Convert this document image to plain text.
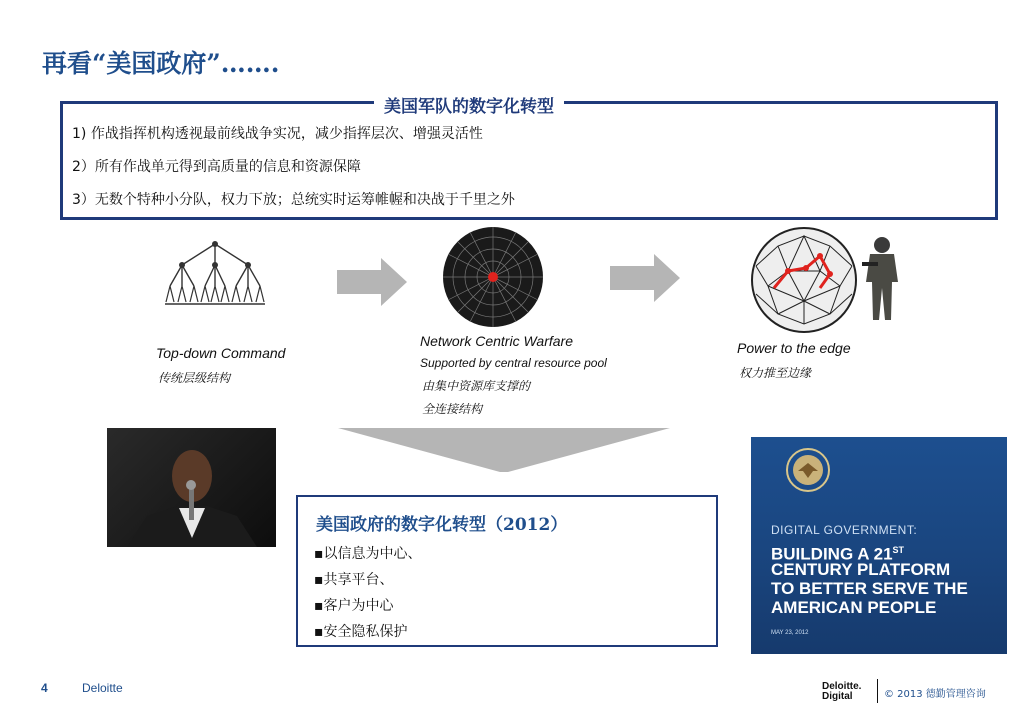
再看“美国政府”…….
美国军队的数字化转型
1) 作战指挥机构透视最前线战争实况，减少指挥层次、增强灵活性
2）所有作战单元得到高质量的信息和资源保障
3）无数个特种小分队，权力下放；总统实时运筹帷幄和决战于千里之外
Top-down Command
传统层级结构
Network Centric Warfare
Supported by central resource pool
由集中资源库支撑的
全连接结构
Power to the edge
权力推至边缘
美国政府的数字化转型（2012）
▪以信息为中心、
▪共享平台、
▪客户为中心
▪安全隐私保护
DIGITAL GOVERNMENT:
BUILDING A 21ST
CENTURY PLATFORM
TO BETTER SERVE THE
AMERICAN PEOPLE
MAY 23, 2012
4	Deloitte	Deloitte.
Digital	© 2013 德勤管理咨询
